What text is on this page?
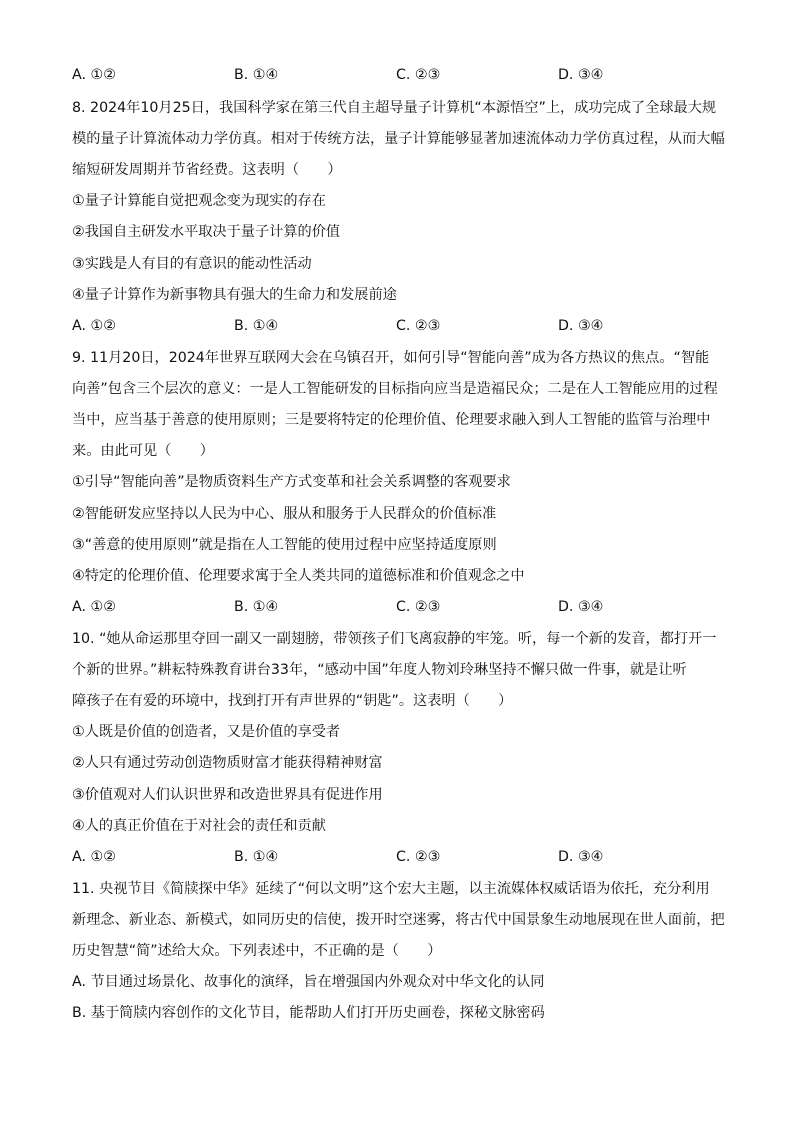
A. ①②	B. ①④	C. ②③	D. ③④
8. 2024年10月25日，我国科学家在第三代自主超导量子计算机“本源悟空”上，成功完成了全球最大规
模的量子计算流体动力学仿真。相对于传统方法，量子计算能够显著加速流体动力学仿真过程，从而大幅
缩短研发周期并节省经费。这表明（　　）
①量子计算能自觉把观念变为现实的存在
②我国自主研发水平取决于量子计算的价值
③实践是人有目的有意识的能动性活动
④量子计算作为新事物具有强大的生命力和发展前途
A. ①②	B. ①④	C. ②③	D. ③④
9. 11月20日，2024年世界互联网大会在乌镇召开，如何引导“智能向善”成为各方热议的焦点。“智能
向善”包含三个层次的意义：一是人工智能研发的目标指向应当是造福民众；二是在人工智能应用的过程
当中，应当基于善意的使用原则；三是要将特定的伦理价值、伦理要求融入到人工智能的监管与治理中
来。由此可见（　　）
①引导“智能向善”是物质资料生产方式变革和社会关系调整的客观要求
②智能研发应坚持以人民为中心、服从和服务于人民群众的价值标准
③“善意的使用原则”就是指在人工智能的使用过程中应坚持适度原则
④特定的伦理价值、伦理要求寓于全人类共同的道德标准和价值观念之中
A. ①②	B. ①④	C. ②③	D. ③④
10. “她从命运那里夺回一副又一副翅膀，带领孩子们飞离寂静的牢笼。听，每一个新的发音，都打开一
个新的世界。”耕耘特殊教育讲台33年，“感动中国”年度人物刘玲琳坚持不懈只做一件事，就是让听
障孩子在有爱的环境中，找到打开有声世界的“钥匙”。这表明（　　）
①人既是价值的创造者，又是价值的享受者
②人只有通过劳动创造物质财富才能获得精神财富
③价值观对人们认识世界和改造世界具有促进作用
④人的真正价值在于对社会的责任和贡献
A. ①②	B. ①④	C. ②③	D. ③④
11. 央视节目《简牍探中华》延续了“何以文明”这个宏大主题，以主流媒体权威话语为依托，充分利用
新理念、新业态、新模式，如同历史的信使，拨开时空迷雾，将古代中国景象生动地展现在世人面前，把
历史智慧“简”述给大众。下列表述中，不正确的是（　　）
A. 节目通过场景化、故事化的演绎，旨在增强国内外观众对中华文化的认同
B. 基于简牍内容创作的文化节目，能帮助人们打开历史画卷，探秘文脉密码
